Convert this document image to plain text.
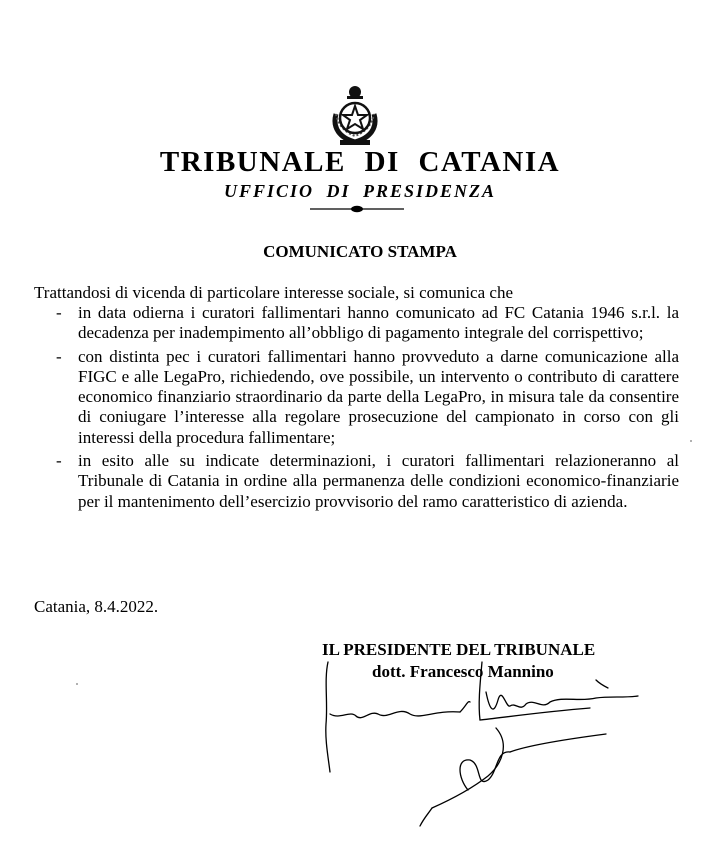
TRIBUNALE DI CATANIA
UFFICIO DI PRESIDENZA
COMUNICATO STAMPA
Trattandosi di vicenda di particolare interesse sociale, si comunica che
- in data odierna i curatori fallimentari hanno comunicato ad FC Catania 1946 s.r.l. la decadenza per inadempimento all’obbligo di pagamento integrale del corrispettivo;
- con distinta pec i curatori fallimentari hanno provveduto a darne comunicazione alla FIGC e alle LegaPro, richiedendo, ove possibile, un intervento o contributo di carattere economico finanziario straordinario da parte della LegaPro, in misura tale da consentire di coniugare l’interesse alla regolare prosecuzione del campionato in corso con gli interessi della procedura fallimentare;
- in esito alle su indicate determinazioni, i curatori fallimentari relazioneranno al Tribunale di Catania in ordine alla permanenza delle condizioni economico-finanziarie per il mantenimento dell’esercizio provvisorio del ramo caratteristico di azienda.
Catania, 8.4.2022.
IL PRESIDENTE DEL TRIBUNALE
dott. Francesco Mannino
